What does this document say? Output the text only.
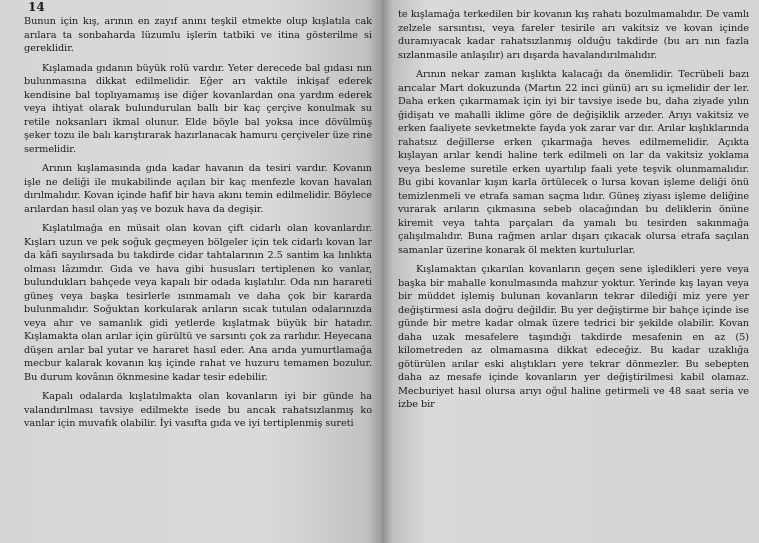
14

Bunun için kış, arının en zayıf anını teşkil etmekte olup kışlatıla cak arılara ta sonbaharda lüzumlu işlerin tatbiki ve itina gösterilme si gereklidir.

Kışlamada gıdanın büyük rolü vardır. Yeter derecede bal gıdası nın bulunmasına dikkat edilmelidir. Eğer arı vaktile inkişaf ederek kendisine bal toplıyamamış ise diğer kovanlardan ona yardım ederek veya ihtiyat olarak bulundurulan ballı bir kaç çerçive konulmak su retile noksanları ikmal olunur. Elde böyle bal yoksa ince dövülmüş şeker tozu ile balı karıştırarak hazırlanacak hamuru çerçiveler üze rine sermelidir.

Arının kışlamasında gıda kadar havanın da tesiri vardır. Kovanın işle ne deliği ile mukabilinde açılan bir kaç menfezle kovan havalan dırılmalıdır. Kovan içinde hafif bir hava akını temin edilmelidir. Böylece arılardan hasıl olan yaş ve bozuk hava da degişir.

Kışlatılmağa en müsait olan kovan çift cidarlı olan kovanlardır. Kışları uzun ve pek soğuk geçmeyen bölgeler için tek cidarlı kovan lar da kâfi sayılırsada bu takdirde cidar tahtalarının 2.5 santim ka lınlıkta olması lâzımdır. Gıda ve hava gibi hususları tertiplenen ko vanlar, bulundukları bahçede veya kapalı bir odada kışlatılır. Oda nın harareti güneş veya başka tesirlerle ısınmamalı ve daha çok bir kararda bulunmalıdır. Soğuktan korkularak arıların sıcak tutulan odalarınızda veya ahır ve samanlık gidi yetlerde kışlatmak büyük bir hatadır. Kışlamakta olan arılar için gürültü ve sarsıntı çok za rarlıdır. Heyecana düşen arılar bal yutar ve hararet hasıl eder. Ana arıda yumurtlamağa mecbur kalarak kovanın kış içinde rahat ve huzuru temamen bozulur. Bu durum kovânın öknmesine kadar tesir edebilir.

Kapalı odalarda kışlatılmakta olan kovanların iyi bir günde ha valandırılması tavsiye edilmekte isede bu ancak rahatsızlanmış ko vanlar için muvafık olabilir. İyi vasıfta gıda ve iyi tertiplenmiş sureti

te kışlamağa terkedilen bir kovanın kış rahatı bozulmamalıdır. De vamlı zelzele sarsıntısı, veya fareler tesirile arı vakitsiz ve kovan içinde duramıyacak kadar rahatsızlanmış olduğu takdirde (bu arı nın fazla sızlanmasile anlaşılır) arı dışarda havalandırılmalıdır.

Arının nekar zaman kışlıkta kalacağı da önemlidir. Tecrübeli bazı arıcalar Mart dokuzunda (Martın 22 inci günü) arı su içmelidir der ler. Daha erken çıkarmamak için iyi bir tavsiye isede bu, daha ziyade yılın ğidişatı ve mahalli iklime göre de değişiklik arzeder. Arıyı vakitsiz ve erken faaliyete sevketmekte fayda yok zarar var dır. Arılar kışlıklarında rahatsız değillerse erken çıkarmağa heves edilmemelidir. Açıkta kışlayan arılar kendi haline terk edilmeli on lar da vakitsiz yoklama veya besleme suretile erken uyartılıp faali yete teşvik olunmamalıdır. Bu gibi kovanlar kışın karla örtülecek o lursa kovan işleme deliği önü temizlenmeli ve etrafa saman saçma lıdır. Güneş ziyası işleme deliğine vurarak arıların çıkmasına sebeb olacağından bu deliklerin önüne kiremit veya tahta parçaları da yamalı bu tesirden sakınmağa çalışılmalıdır. Buna rağmen arılar dışarı çıkacak olursa etrafa saçılan samanlar üzerine konarak öl mekten kurtulurlar.

Kışlamaktan çıkarılan kovanların geçen sene işledikleri yere veya başka bir mahalle konulmasında mahzur yoktur. Yerinde kış layan veya bir müddet işlemiş bulunan kovanların tekrar dilediği miz yere yer değiştirmesi asla doğru değildir. Bu yer değiştirme bir bahçe içinde ise günde bir metre kadar olmak üzere tedrici bir şekilde olabilir. Kovan daha uzak mesafelere taşındığı takdirde mesafenin en az (5) kilometreden az olmamasına dikkat edeceğiz. Bu kadar uzaklığa götürülen arılar eski alıştıkları yere tekrar dönmezler. Bu sebepten daha az mesafe içinde kovanların yer değiştirilmesi kabil olamaz. Mecburiyet hasıl olursa arıyı oğul haline getirmeli ve 48 saat seria ve izbe bir
